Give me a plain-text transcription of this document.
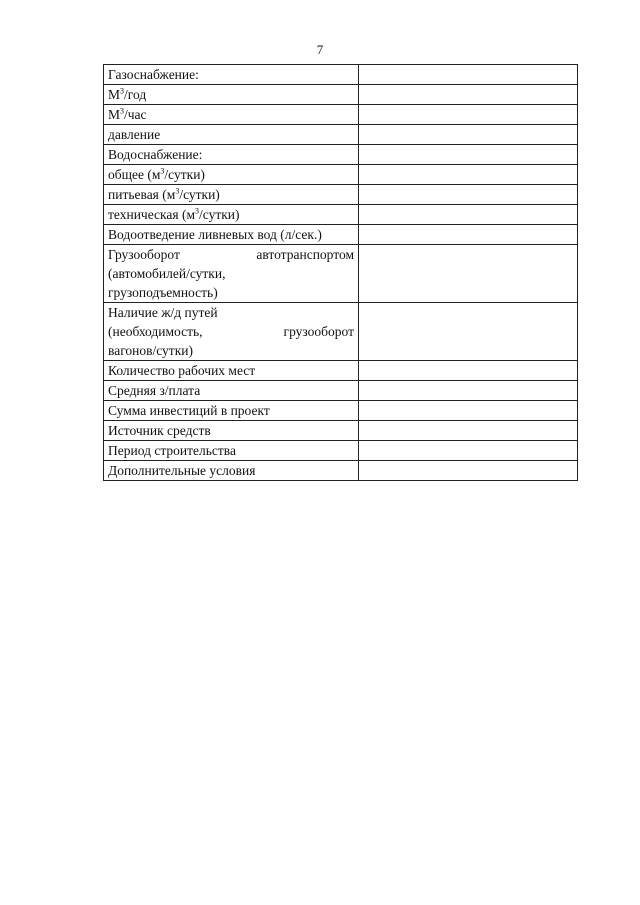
7
Газоснабжение:	
$М^3$/год	
$М^3$/час	
давление	
Водоснабжение:	
общее $(м^3/сутки)$	
питьевая $(м^3/сутки)$	
техническая $(м^3/сутки)$	
Водоотведение ливневых вод (л/сек.)	

Грузооборот автотранспортом
(автомобилей/сутки,
грузоподъемность)	

Наличие ж/д путей
(необходимость, грузооборот
вагонов/сутки)	

Количество рабочих мест	
Средняя з/плата	
Сумма инвестиций в проект	
Источник средств	
Период строительства	
Дополнительные условия	
